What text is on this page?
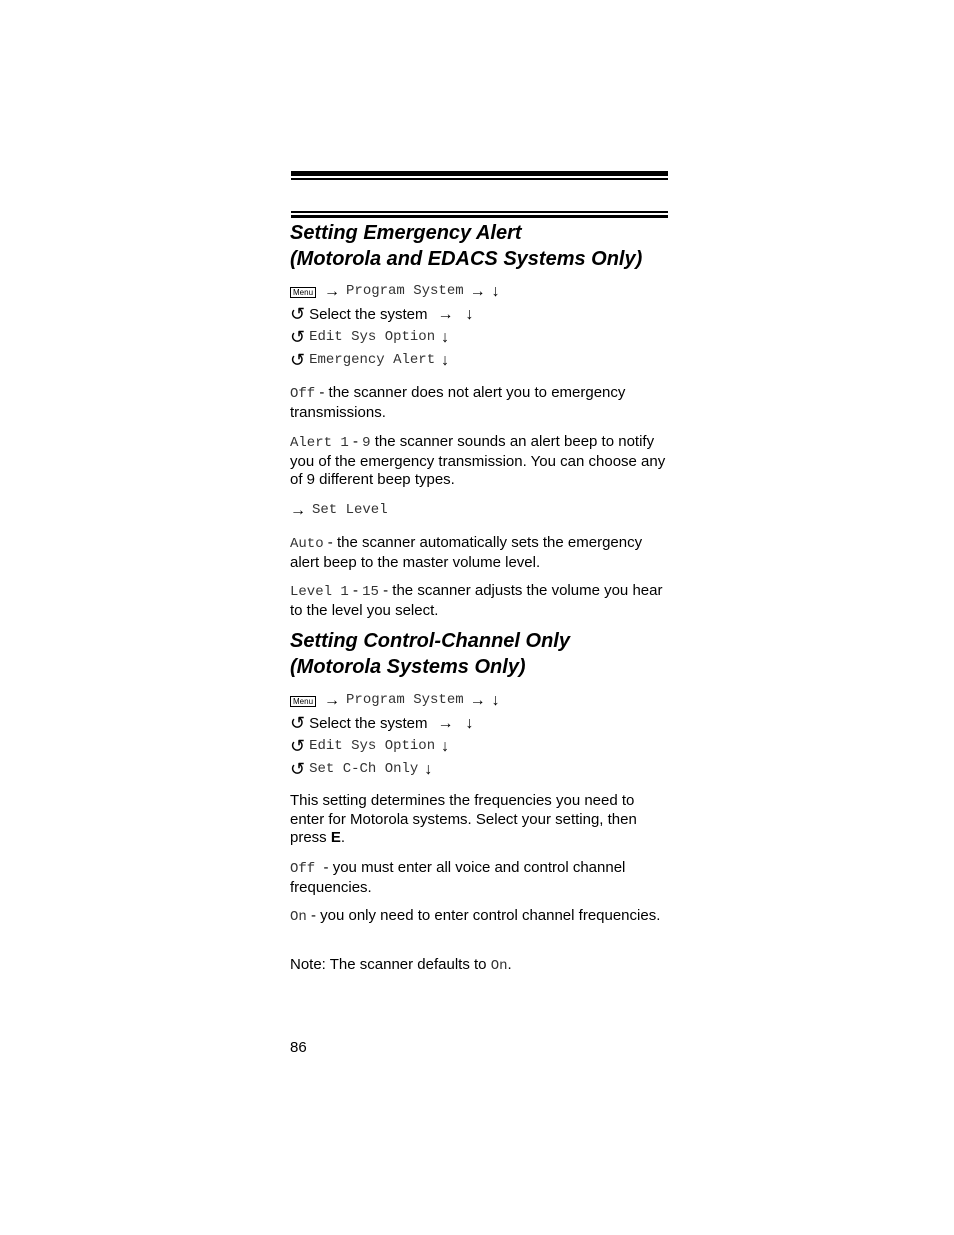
Setting Emergency Alert
(Motorola and EDACS Systems Only)
Menu → Program System → ↓
↺ Select the system → ↓
↺ Edit Sys Option ↓
↺ Emergency Alert ↓

Off - the scanner does not alert you to emergency transmissions.

Alert 1 - 9 the scanner sounds an alert beep to notify you of the emergency transmission. You can choose any of 9 different beep types.

→ Set Level

Auto - the scanner automatically sets the emergency alert beep to the master volume level.

Level 1 - 15 - the scanner adjusts the volume you hear to the level you select.

Setting Control-Channel Only
(Motorola Systems Only)
Menu → Program System → ↓
↺ Select the system → ↓
↺ Edit Sys Option ↓
↺ Set C-Ch Only ↓

This setting determines the frequencies you need to enter for Motorola systems. Select your setting, then press E.

Off  - you must enter all voice and control channel frequencies.

On - you only need to enter control channel frequencies.

Note: The scanner defaults to On.

86
